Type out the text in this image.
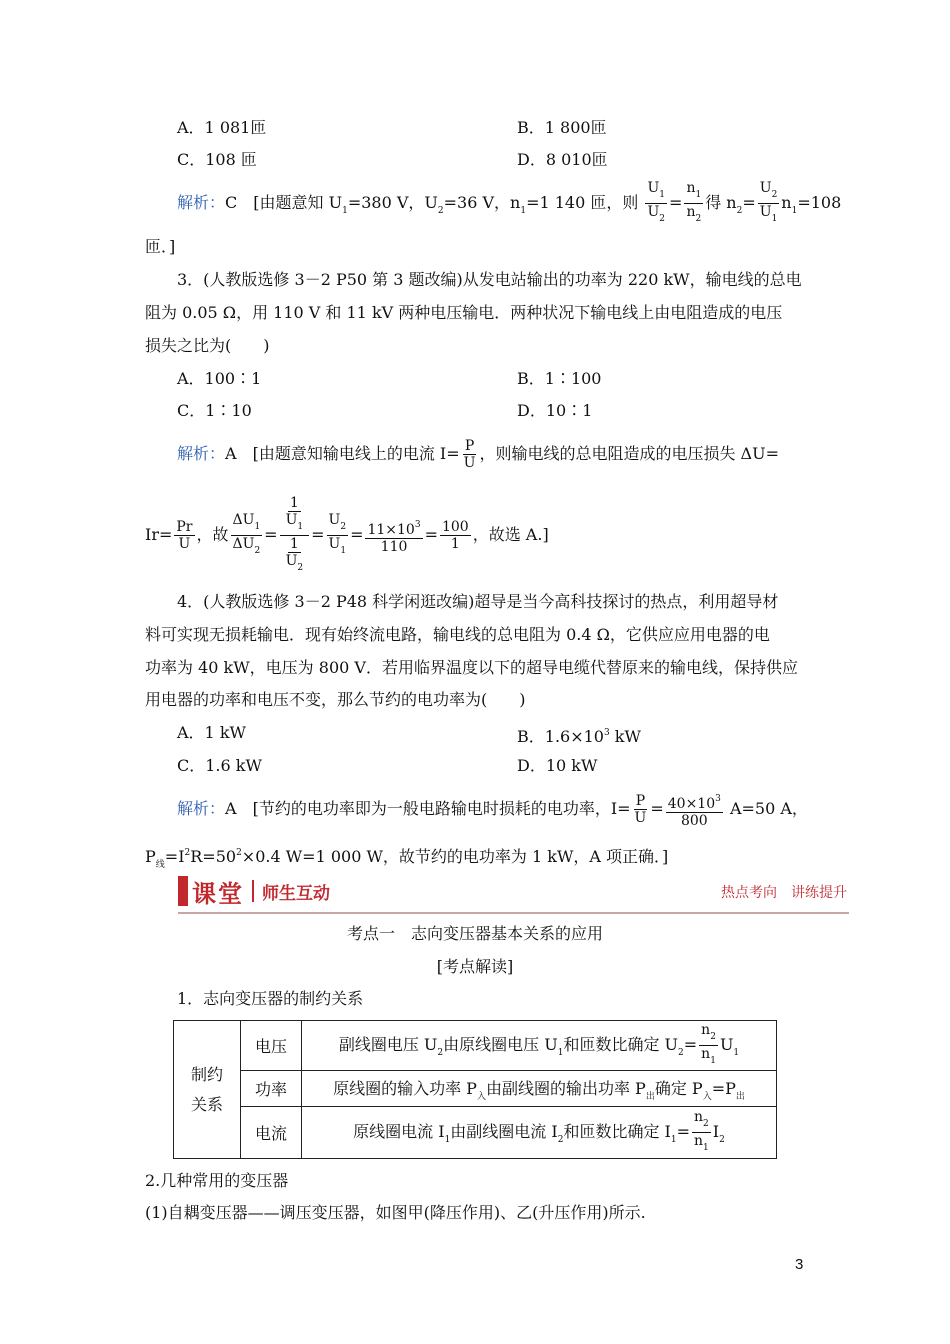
A．1 081匝	B．1 800匝
C．108 匝	D．8 010匝
解析：C　[由题意知 $U_1=380$ V，$U_2=36$ V，$n_1=1$ 140 匝，则 $\frac{U_1}{U_2} = \frac{n_1}{n_2}$ 得 $n_2= \frac{U_2}{U_1} n_1=108$
匝．]
3．(人教版选修 3－2 P50 第 3 题改编)从发电站输出的功率为 220 kW，输电线的总电
阻为 0.05 Ω，用 110 V 和 11 kV 两种电压输电．两种状况下输电线上由电阻造成的电压
损失之比为(　　)
A．100∶1	B．1∶100
C．1∶10	D．10∶1
解析：A　[由题意知输电线上的电流 $I= \frac{P}{U}$ ，则输电线的总电阻造成的电压损失 ΔU=
$Ir= \frac{Pr}{U}$ ，故 $\frac{\Delta U_1}{\Delta U_2} = \frac{\frac{1}{U_1}}{\frac{1}{U_2}} = \frac{U_2}{U_1} = \frac{11\times 10^3}{110} = \frac{100}{1}$ ，故选 A.]
4．(人教版选修 3－2 P48 科学闲逛改编)超导是当今高科技探讨的热点，利用超导材
料可实现无损耗输电．现有始终流电路，输电线的总电阻为 0.4 Ω，它供应应用电器的电
功率为 40 kW，电压为 800 V．若用临界温度以下的超导电缆代替原来的输电线，保持供应
用电器的功率和电压不变，那么节约的电功率为(　　)
A．1 kW	B．$1.6\times 10^3$ kW
C．1.6 kW	D．10 kW
解析：A　[节约的电功率即为一般电路输电时损耗的电功率，$I= \frac{P}{U} = \frac{40\times 10^3}{800} A=50$ A，
$P_线=I^2R=50^2\times 0.4$ W=1 000 W，故节约的电功率为 1 kW，A 项正确．]
课堂 师生互动	热点考向　讲练提升
考点一　志向变压器基本关系的应用
[考点解读]
1．志向变压器的制约关系
制约
关系	电压	副线圈电压 $U_2$由原线圈电压 $U_1$和匝数比确定 $U_2= \frac{n_2}{n_1} U_1$
	功率	原线圈的输入功率 $P_入$由副线圈的输出功率 $P_出$确定 $P_入=P_出$
	电流	原线圈电流 $I_1$由副线圈电流 $I_2$和匝数比确定 $I_1= \frac{n_2}{n_1} I_2$
2.几种常用的变压器
(1)自耦变压器——调压变压器，如图甲(降压作用)、乙(升压作用)所示.
3
